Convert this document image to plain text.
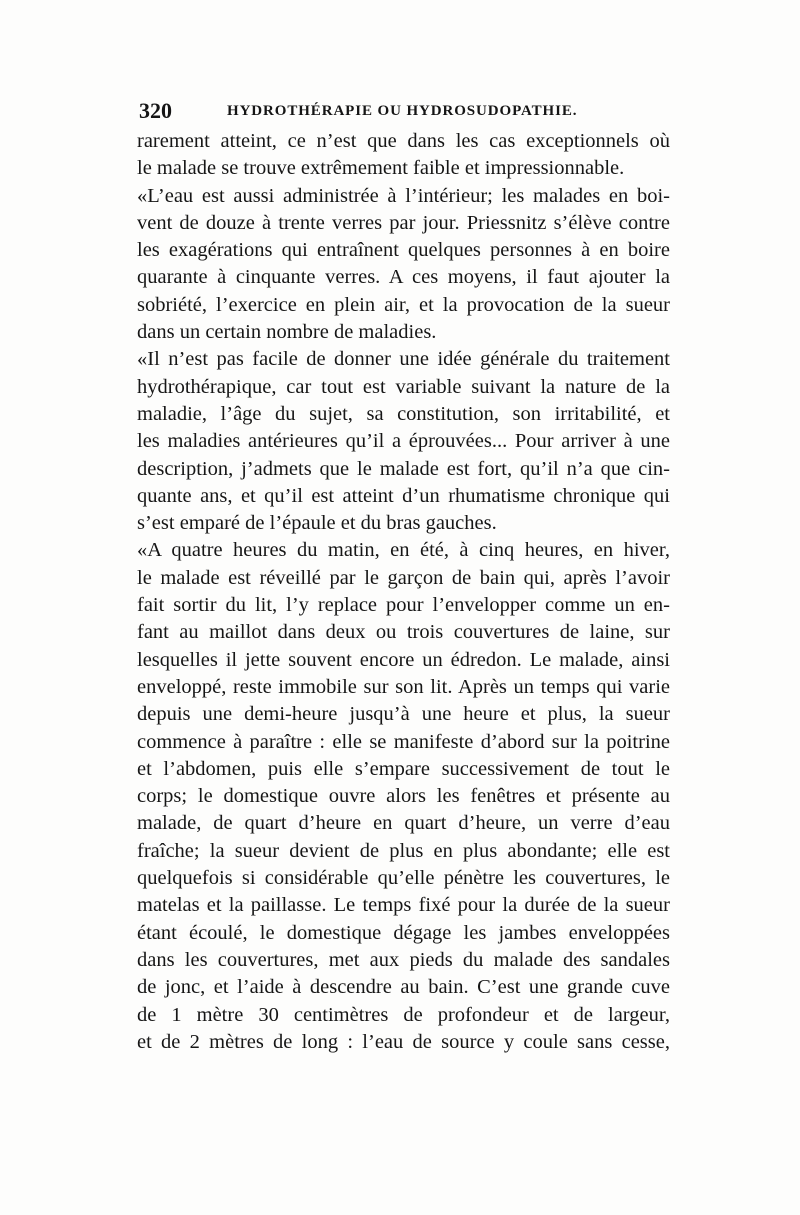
320	HYDROTHÉRAPIE OU HYDROSUDOPATHIE.
rarement atteint, ce n’est que dans les cas exceptionnels où
le malade se trouve extrêmement faible et impressionnable.
«L’eau est aussi administrée à l’intérieur; les malades en boi-
vent de douze à trente verres par jour. Priessnitz s’élève contre
les exagérations qui entraînent quelques personnes à en boire
quarante à cinquante verres. A ces moyens, il faut ajouter la
sobriété, l’exercice en plein air, et la provocation de la sueur
dans un certain nombre de maladies.
«Il n’est pas facile de donner une idée générale du traitement
hydrothérapique, car tout est variable suivant la nature de la
maladie, l’âge du sujet, sa constitution, son irritabilité, et
les maladies antérieures qu’il a éprouvées... Pour arriver à une
description, j’admets que le malade est fort, qu’il n’a que cin-
quante ans, et qu’il est atteint d’un rhumatisme chronique qui
s’est emparé de l’épaule et du bras gauches.
«A quatre heures du matin, en été, à cinq heures, en hiver,
le malade est réveillé par le garçon de bain qui, après l’avoir
fait sortir du lit, l’y replace pour l’envelopper comme un en-
fant au maillot dans deux ou trois couvertures de laine, sur
lesquelles il jette souvent encore un édredon. Le malade, ainsi
enveloppé, reste immobile sur son lit. Après un temps qui varie
depuis une demi-heure jusqu’à une heure et plus, la sueur
commence à paraître : elle se manifeste d’abord sur la poitrine
et l’abdomen, puis elle s’empare successivement de tout le
corps; le domestique ouvre alors les fenêtres et présente au
malade, de quart d’heure en quart d’heure, un verre d’eau
fraîche; la sueur devient de plus en plus abondante; elle est
quelquefois si considérable qu’elle pénètre les couvertures, le
matelas et la paillasse. Le temps fixé pour la durée de la sueur
étant écoulé, le domestique dégage les jambes enveloppées
dans les couvertures, met aux pieds du malade des sandales
de jonc, et l’aide à descendre au bain. C’est une grande cuve
de 1 mètre 30 centimètres de profondeur et de largeur,
et de 2 mètres de long : l’eau de source y coule sans cesse,
